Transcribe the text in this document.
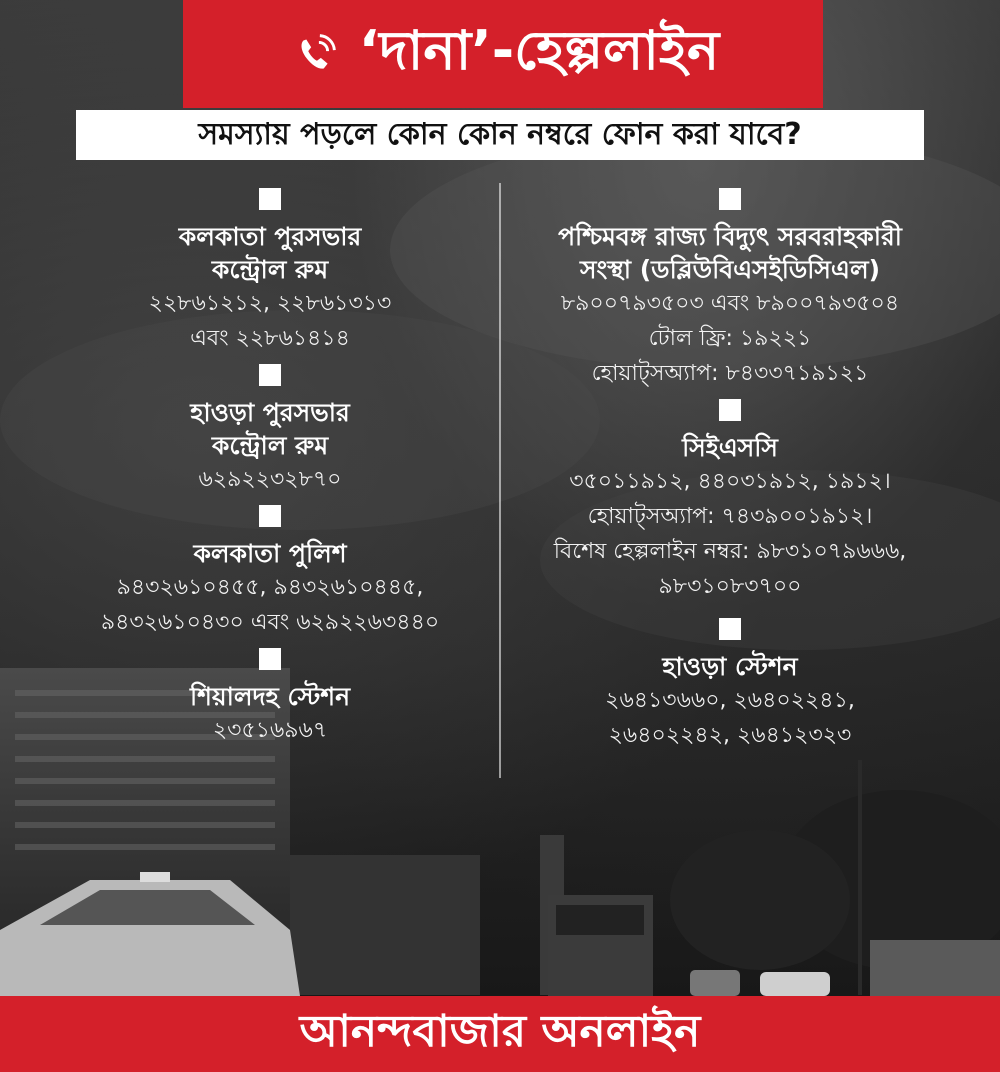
‘দানা’-হেল্পলাইন
সমস্যায় পড়লে কোন কোন নম্বরে ফোন করা যাবে?
কলকাতা পুরসভার
কন্ট্রোল রুম
২২৮৬১২১২, ২২৮৬১৩১৩
এবং ২২৮৬১৪১৪
হাওড়া পুরসভার
কন্ট্রোল রুম
৬২৯২২৩২৮৭০
কলকাতা পুলিশ
৯৪৩২৬১০৪৫৫, ৯৪৩২৬১০৪৪৫,
৯৪৩২৬১০৪৩০ এবং ৬২৯২২৬৩৪৪০
শিয়ালদহ স্টেশন
২৩৫১৬৯৬৭
পশ্চিমবঙ্গ রাজ্য বিদ্যুৎ সরবরাহকারী
সংস্থা (ডব্লিউবিএসইডিসিএল)
৮৯০০৭৯৩৫০৩ এবং ৮৯০০৭৯৩৫০৪
টোল ফ্রি: ১৯২২১
হোয়াট্‌সঅ্যাপ: ৮৪৩৩৭১৯১২১
সিইএসসি
৩৫০১১৯১২, ৪৪০৩১৯১২, ১৯১২।
হোয়াট্‌সঅ্যাপ: ৭৪৩৯০০১৯১২।
বিশেষ হেল্পলাইন নম্বর: ৯৮৩১০৭৯৬৬৬,
৯৮৩১০৮৩৭০০
হাওড়া স্টেশন
২৬৪১৩৬৬০, ২৬৪০২২৪১,
২৬৪০২২৪২, ২৬৪১২৩২৩
আনন্দবাজার অনলাইন
